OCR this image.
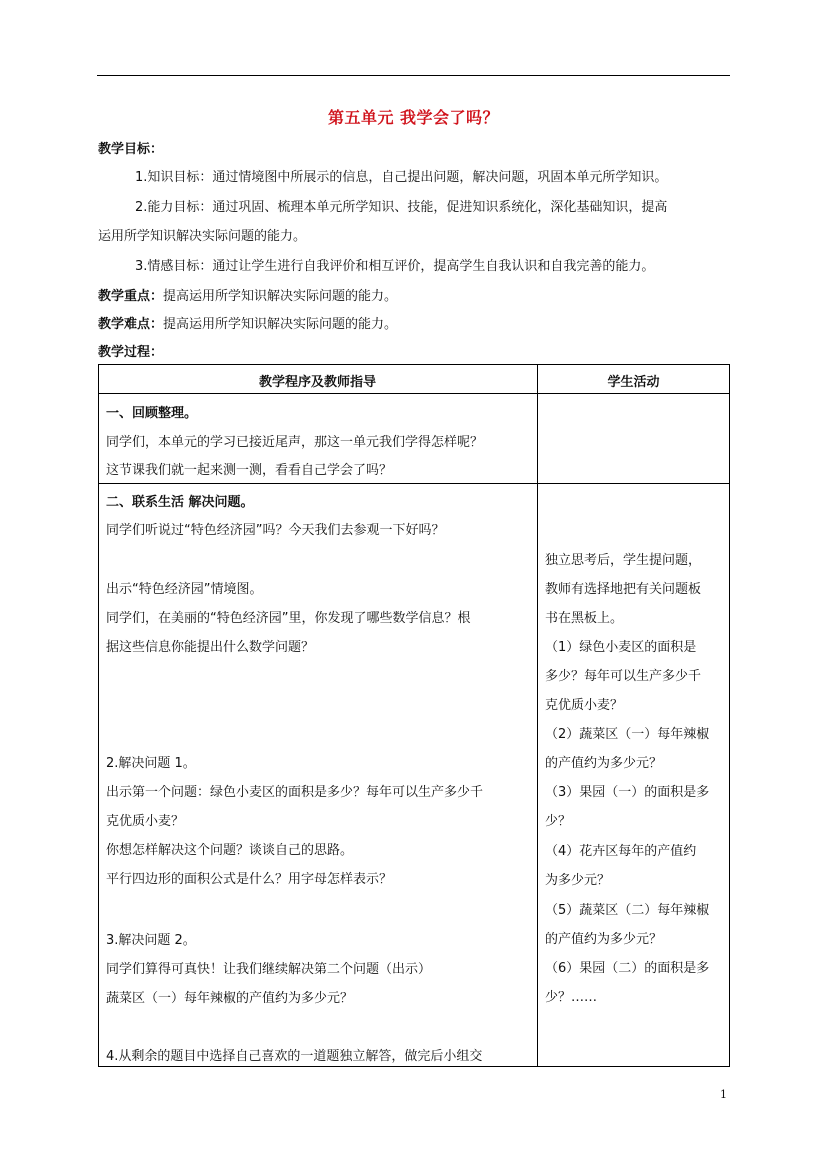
第五单元 我学会了吗？
教学目标：
1.知识目标：通过情境图中所展示的信息，自己提出问题，解决问题，巩固本单元所学知识。
2.能力目标：通过巩固、梳理本单元所学知识、技能，促进知识系统化，深化基础知识，提高
运用所学知识解决实际问题的能力。
3.情感目标：通过让学生进行自我评价和相互评价，提高学生自我认识和自我完善的能力。
教学重点：提高运用所学知识解决实际问题的能力。
教学难点：提高运用所学知识解决实际问题的能力。
教学过程：
教学程序及教师指导	学生活动
一、回顾整理。
同学们，本单元的学习已接近尾声，那这一单元我们学得怎样呢？
这节课我们就一起来测一测，看看自己学会了吗？
二、联系生活 解决问题。
同学们听说过“特色经济园”吗？今天我们去参观一下好吗？
出示“特色经济园”情境图。
同学们，在美丽的“特色经济园”里，你发现了哪些数学信息？根
据这些信息你能提出什么数学问题？
2.解决问题 1。
出示第一个问题：绿色小麦区的面积是多少？每年可以生产多少千
克优质小麦？
你想怎样解决这个问题？谈谈自己的思路。
平行四边形的面积公式是什么？用字母怎样表示？
3.解决问题 2。
同学们算得可真快！让我们继续解决第二个问题（出示）
蔬菜区（一）每年辣椒的产值约为多少元？
4.从剩余的题目中选择自己喜欢的一道题独立解答，做完后小组交
独立思考后，学生提问题，
教师有选择地把有关问题板
书在黑板上。
（1）绿色小麦区的面积是
多少？每年可以生产多少千
克优质小麦？
（2）蔬菜区（一）每年辣椒
的产值约为多少元？
（3）果园（一）的面积是多
少？
（4）花卉区每年的产值约
为多少元？
（5）蔬菜区（二）每年辣椒
的产值约为多少元？
（6）果园（二）的面积是多
少？……
1
